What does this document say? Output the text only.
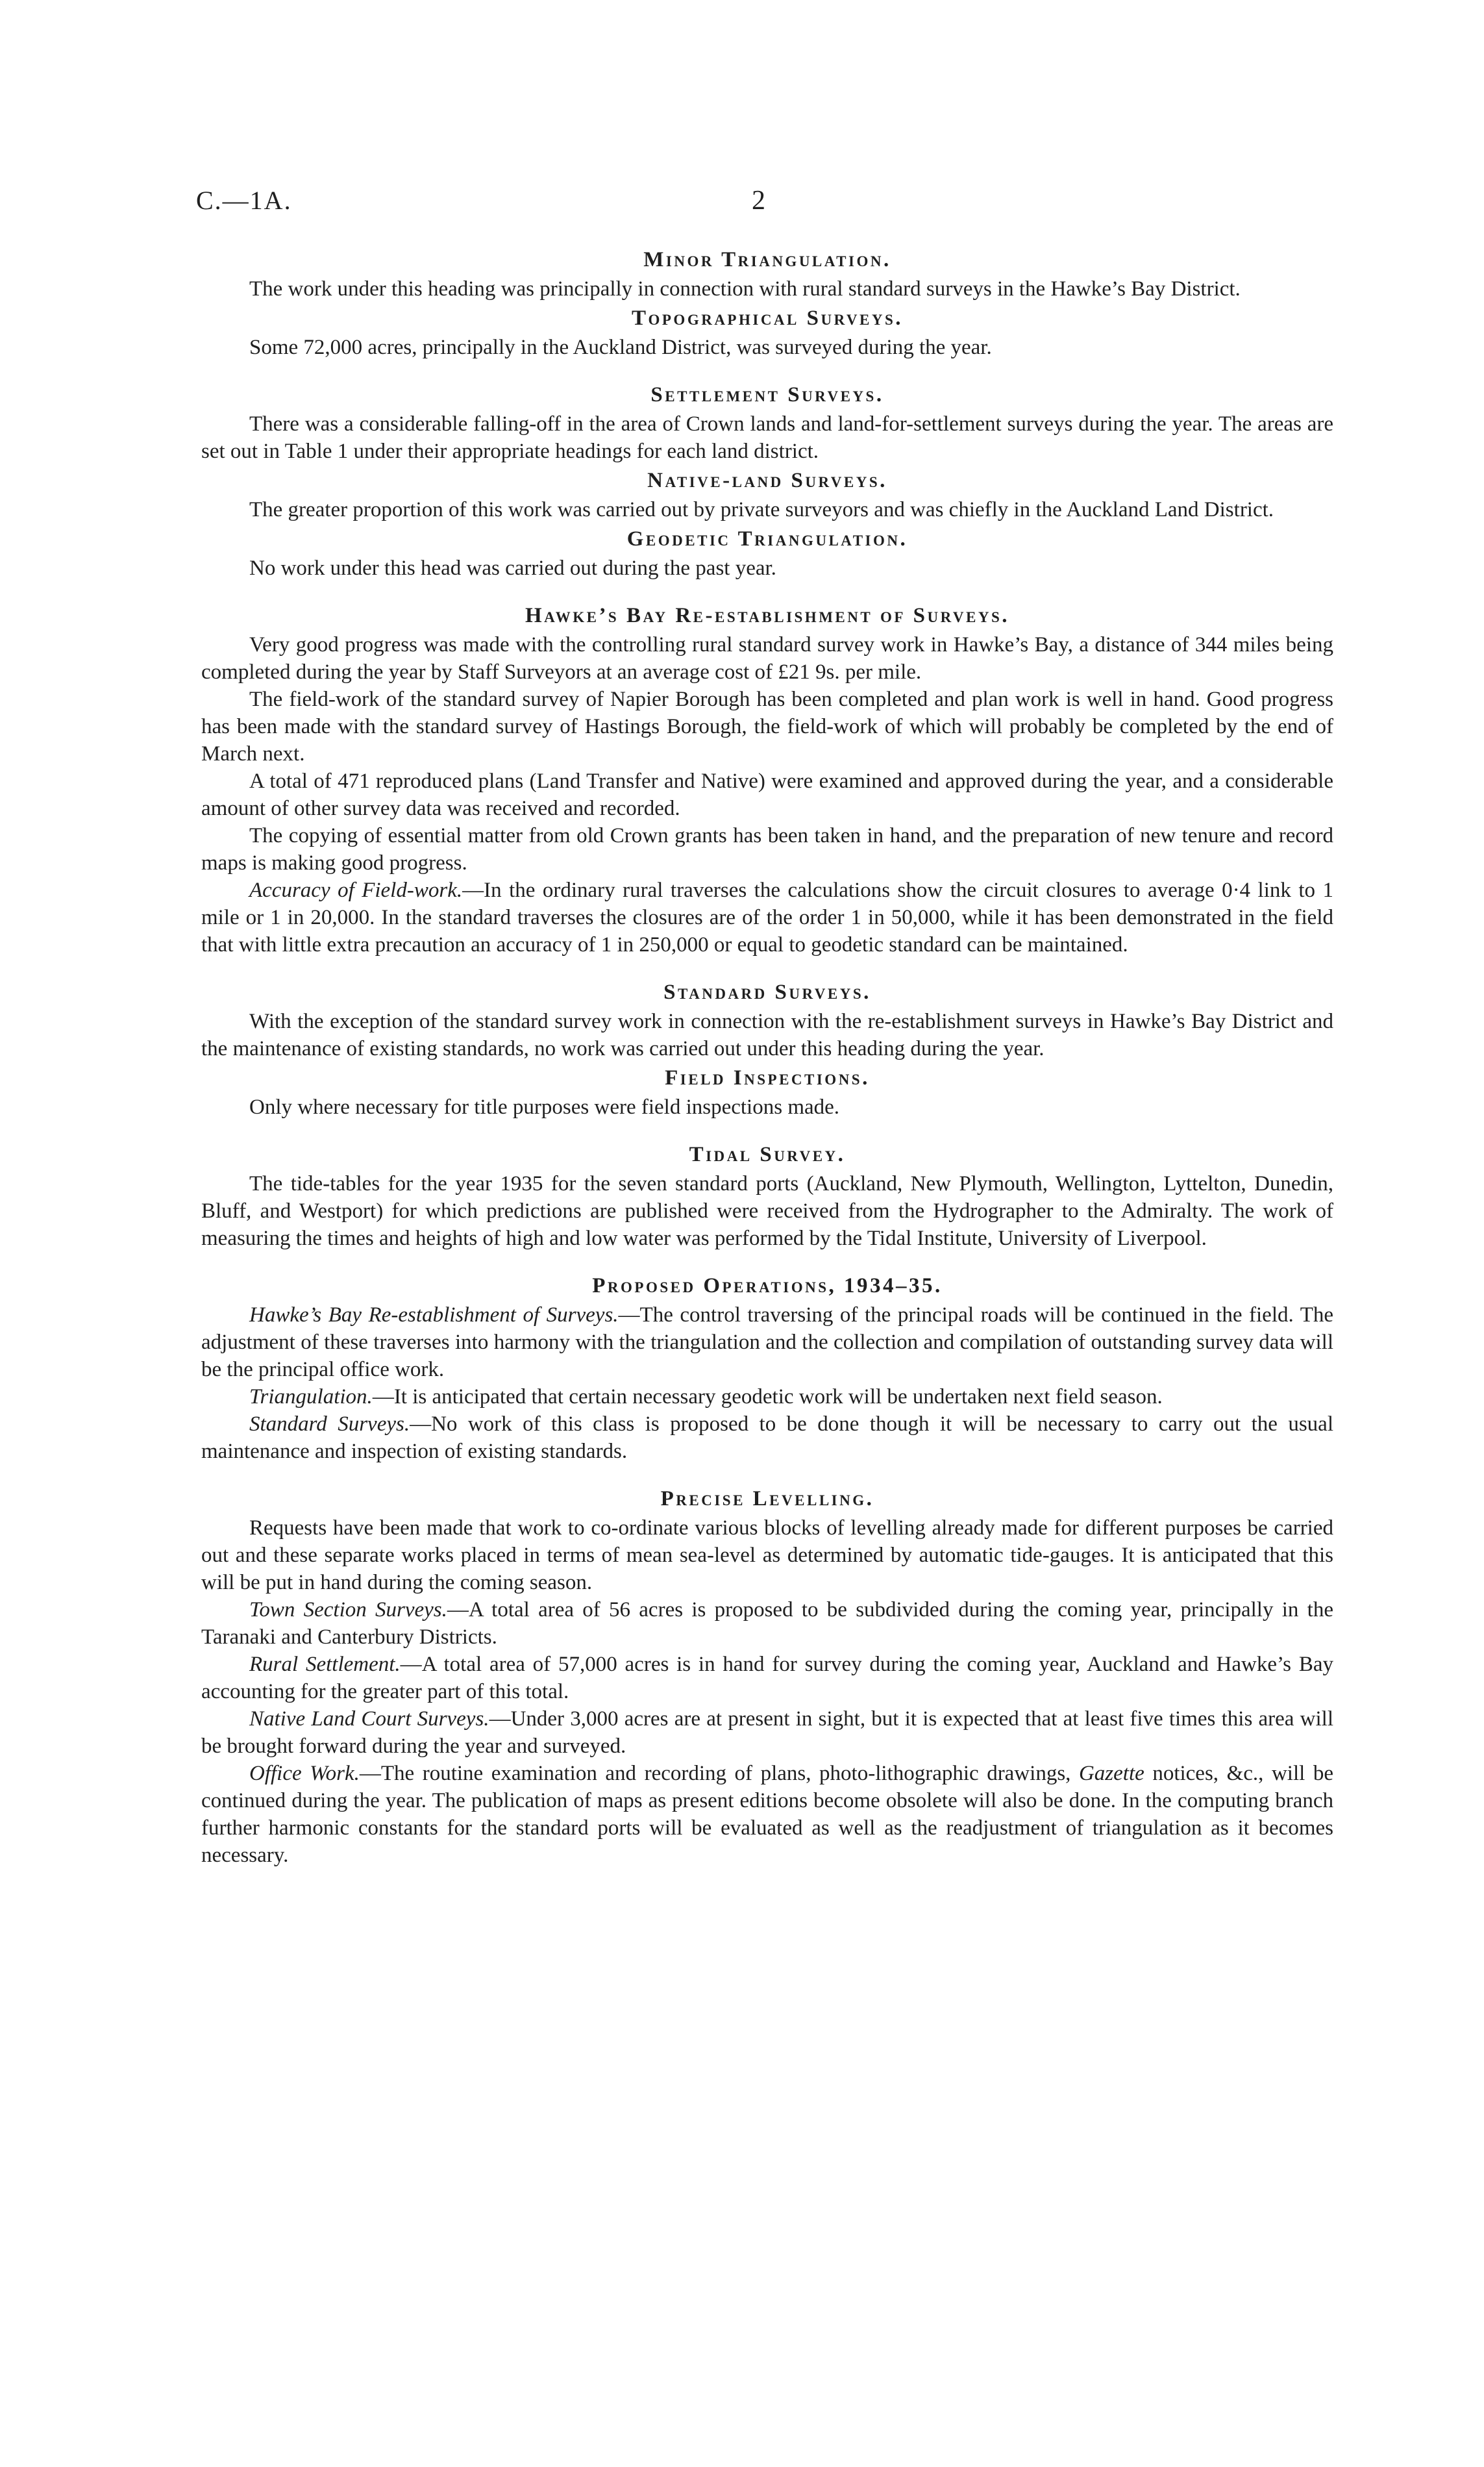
C.—1A.	2
Minor Triangulation.

The work under this heading was principally in connection with rural standard surveys in the Hawke’s Bay District.

Topographical Surveys.

Some 72,000 acres, principally in the Auckland District, was surveyed during the year.

Settlement Surveys.

There was a considerable falling-off in the area of Crown lands and land-for-settlement surveys during the year. The areas are set out in Table 1 under their appropriate headings for each land district.

Native-land Surveys.

The greater proportion of this work was carried out by private surveyors and was chiefly in the Auckland Land District.

Geodetic Triangulation.

No work under this head was carried out during the past year.

Hawke’s Bay Re-establishment of Surveys.

Very good progress was made with the controlling rural standard survey work in Hawke’s Bay, a distance of 344 miles being completed during the year by Staff Surveyors at an average cost of £21 9s. per mile.

The field-work of the standard survey of Napier Borough has been completed and plan work is well in hand. Good progress has been made with the standard survey of Hastings Borough, the field-work of which will probably be completed by the end of March next.

A total of 471 reproduced plans (Land Transfer and Native) were examined and approved during the year, and a considerable amount of other survey data was received and recorded.

The copying of essential matter from old Crown grants has been taken in hand, and the preparation of new tenure and record maps is making good progress.

Accuracy of Field-work.—In the ordinary rural traverses the calculations show the circuit closures to average 0·4 link to 1 mile or 1 in 20,000. In the standard traverses the closures are of the order 1 in 50,000, while it has been demonstrated in the field that with little extra precaution an accuracy of 1 in 250,000 or equal to geodetic standard can be maintained.

Standard Surveys.

With the exception of the standard survey work in connection with the re-establishment surveys in Hawke’s Bay District and the maintenance of existing standards, no work was carried out under this heading during the year.

Field Inspections.

Only where necessary for title purposes were field inspections made.

Tidal Survey.

The tide-tables for the year 1935 for the seven standard ports (Auckland, New Plymouth, Wellington, Lyttelton, Dunedin, Bluff, and Westport) for which predictions are published were received from the Hydrographer to the Admiralty. The work of measuring the times and heights of high and low water was performed by the Tidal Institute, University of Liverpool.

Proposed Operations, 1934–35.

Hawke’s Bay Re-establishment of Surveys.—The control traversing of the principal roads will be continued in the field. The adjustment of these traverses into harmony with the triangulation and the collection and compilation of outstanding survey data will be the principal office work.

Triangulation.—It is anticipated that certain necessary geodetic work will be undertaken next field season.

Standard Surveys.—No work of this class is proposed to be done though it will be necessary to carry out the usual maintenance and inspection of existing standards.

Precise Levelling.

Requests have been made that work to co-ordinate various blocks of levelling already made for different purposes be carried out and these separate works placed in terms of mean sea-level as determined by automatic tide-gauges. It is anticipated that this will be put in hand during the coming season.

Town Section Surveys.—A total area of 56 acres is proposed to be subdivided during the coming year, principally in the Taranaki and Canterbury Districts.

Rural Settlement.—A total area of 57,000 acres is in hand for survey during the coming year, Auckland and Hawke’s Bay accounting for the greater part of this total.

Native Land Court Surveys.—Under 3,000 acres are at present in sight, but it is expected that at least five times this area will be brought forward during the year and surveyed.

Office Work.—The routine examination and recording of plans, photo-lithographic drawings, Gazette notices, &c., will be continued during the year. The publication of maps as present editions become obsolete will also be done. In the computing branch further harmonic constants for the standard ports will be evaluated as well as the readjustment of triangulation as it becomes necessary.
